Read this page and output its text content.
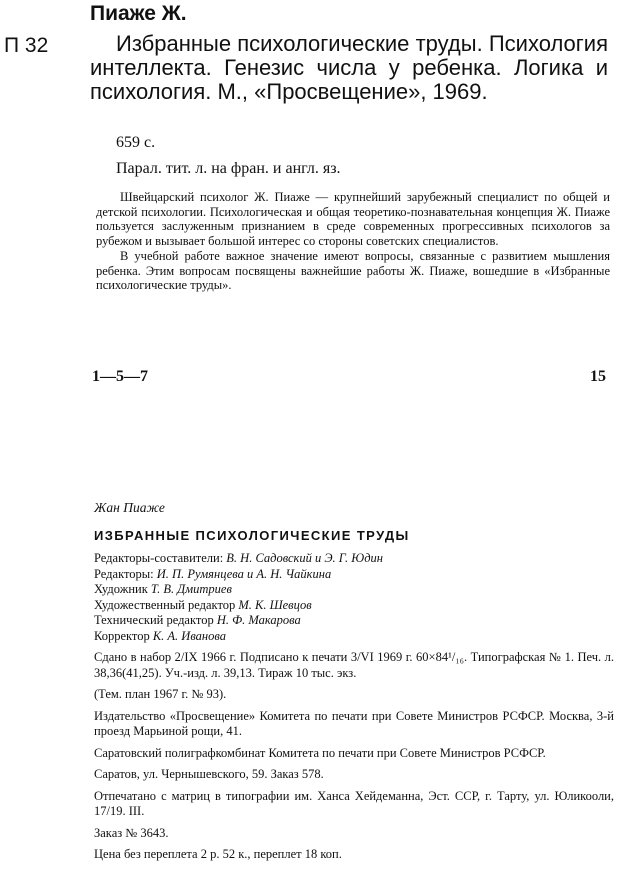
Пиаже Ж.
П 32	Избранные психологические труды. Психология интеллекта. Генезис числа у ребенка. Логика и психология. М., «Просвещение», 1969.
659 с.
Парал. тит. л. на фран. и англ. яз.

Швейцарский психолог Ж. Пиаже — крупнейший зарубежный специалист по общей и детской психологии. Психологическая и общая теоретико-познавательная концепция Ж. Пиаже пользуется заслуженным признанием в среде современных прогрессивных психологов за рубежом и вызывает большой интерес со стороны советских специалистов.

В учебной работе важное значение имеют вопросы, связанные с развитием мышления ребенка. Этим вопросам посвящены важнейшие работы Ж. Пиаже, вошедшие в «Избранные психологические труды».

1—5—7	15
Жан Пиаже
ИЗБРАННЫЕ ПСИХОЛОГИЧЕСКИЕ ТРУДЫ
Редакторы-составители: В. Н. Садовский и Э. Г. Юдин
Редакторы: И. П. Румянцева и А. Н. Чайкина
Художник Т. В. Дмитриев
Художественный редактор М. К. Шевцов
Технический редактор Н. Ф. Макарова
Корректор К. А. Иванова

Сдано в набор 2/IX 1966 г. Подписано к печати 3/VI 1969 г. 60×84¹/₁₆. Типографская № 1. Печ. л. 38,36(41,25). Уч.-изд. л. 39,13. Тираж 10 тыс. экз.

(Тем. план 1967 г. № 93).

Издательство «Просвещение» Комитета по печати при Совете Министров РСФСР. Москва, 3-й проезд Марьиной рощи, 41.

Саратовский полиграфкомбинат Комитета по печати при Совете Министров РСФСР.

Саратов, ул. Чернышевского, 59. Заказ 578.

Отпечатано с матриц в типографии им. Ханса Хейдеманна, Эст. ССР, г. Тарту, ул. Юликооли, 17/19. III.

Заказ № 3643.

Цена без переплета 2 р. 52 к., переплет 18 коп.
